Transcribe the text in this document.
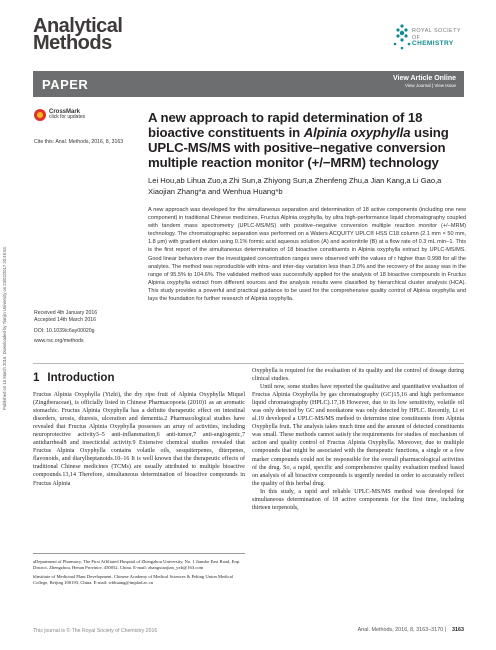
Published on 15 March 2016. Downloaded by Tianjin University on 23/02/2017 20:49:53.
Analytical
Methods
ROYAL SOCIETY
OF
CHEMISTRY
PAPER	View Article Online
View Journal | View Issue
CrossMark
click for updates
Cite this: Anal. Methods, 2016, 8, 3163
Received 4th January 2016
Accepted 14th March 2016
DOI: 10.1039/c6ay00020g
www.rsc.org/methods
A new approach to rapid determination of 18 bioactive constituents in Alpinia oxyphylla using UPLC-MS/MS with positive–negative conversion multiple reaction monitor (+/−MRM) technology
Lei Hou,ab Lihua Zuo,a Zhi Sun,a Zhiyong Sun,a Zhenfeng Zhu,a Jian Kang,a Li Gao,a Xiaojian Zhang*a and Wenhua Huang*b
A new approach was developed for the simultaneous separation and determination of 18 active components (including one new component) in traditional Chinese medicines, Fructus Alpinia oxyphylla, by ultra high-performance liquid chromatography coupled with tandem mass spectrometry (UPLC-MS/MS) with positive–negative conversion multiple reaction monitor (+/−MRM) technology. The chromatographic separation was performed on a Waters ACQUITY UPLC® HSS C18 column (2.1 mm × 50 mm, 1.8 μm) with gradient elution using 0.1% formic acid aqueous solution (A) and acetonitrile (B) at a flow rate of 0.3 mL min−1. This is the first report of the simultaneous determination of 18 bioactive constituents in Alpinia oxyphylla extract by UPLC-MS/MS. Good linear behaviors over the investigated concentration ranges were observed with the values of r higher than 0.998 for all the analytes. The method was reproducible with intra- and inter-day variation less than 3.0% and the recovery of the assay was in the range of 95.5% to 104.6%. The validated method was successfully applied for the analysis of 18 bioactive compounds in Fructus Alpinia oxyphylla extract from different sources and the analysis results were classified by hierarchical cluster analysis (HCA). This study provides a powerful and practical guidance to be used for the comprehensive quality control of Alpinia oxyphylla and lays the foundation for further research of Alpinia oxyphylla.
1 Introduction

Fructus Alpinia Oxyphylla (Yizhi), the dry ripe fruit of Alpinia Oxyphylla Miquel (Zingiberaceae), is officially listed in Chinese Pharmacopoeia (2010)1 as an aromatic stomachic. Fructus Alpinia Oxyphylla has a definite therapeutic effect on intestinal disorders, urosis, diuresis, ulceration and dementia.2 Pharmacological studies have revealed that Fructus Alpinia Oxyphylla possesses an array of activities, including neuroprotective activity3–5 anti-inflammation,6 anti-tumor,7 anti-angiogenic,7 antidiarrheal8 and insecticidal activity.9 Extensive chemical studies revealed that Fructus Alpinia Oxyphylla contains volatile oils, sesquiterpenes, diterpenes, flavonoids, and diarylheptanoids.10–16 It is well known that the therapeutic effects of traditional Chinese medicines (TCMs) are usually attributed to multiple bioactive compounds.13,14 Therefore, simultaneous determination of bioactive compounds in Fructus Alpinia

Oxyphylla is required for the evaluation of its quality and the control of dosage during clinical studies.

Until now, some studies have reported the qualitative and quantitative evaluation of Fructus Alpinia Oxyphylla by gas chromatography (GC)15,16 and high performance liquid chromatography (HPLC).17,18 However, due to its low sensitivity, volatile oil was only detected by GC and nootkatone was only detected by HPLC. Recently, Li et al.19 developed a UPLC-MS/MS method to determine nine constituents from Alpinia Oxyphylla fruit. The analysis takes much time and the amount of detected constituents was small. These methods cannot satisfy the requirements for studies of mechanism of action and quality control of Fructus Alpinia Oxyphylla. Moreover, due to multiple compounds that might be associated with the therapeutic functions, a single or a few marker compounds could not be responsible for the overall pharmacological activities of the drug. So, a rapid, specific and comprehensive quality evaluation method based on analysis of all bioactive compounds is urgently needed in order to accurately reflect the quality of this herbal drug.

In this study, a rapid and reliable UPLC-MS/MS method was developed for simultaneous determination of 18 active components for the first time, including thirteen terpenoids,

aDepartment of Pharmacy, The First Affiliated Hospital of Zhengzhou University, No. 1 Jianshe East Road, Erqi District, Zhengzhou, Henan Province, 450052, China. E-mail: zhangxiaojian_yxb@163.com

bInstitute of Medicinal Plant Development, Chinese Academy of Medical Sciences & Peking Union Medical College, Beijing 100193, China. E-mail: whhuang@implad.ac.cn

This journal is © The Royal Society of Chemistry 2016	Anal. Methods, 2016, 8, 3163–3170 | 3163
